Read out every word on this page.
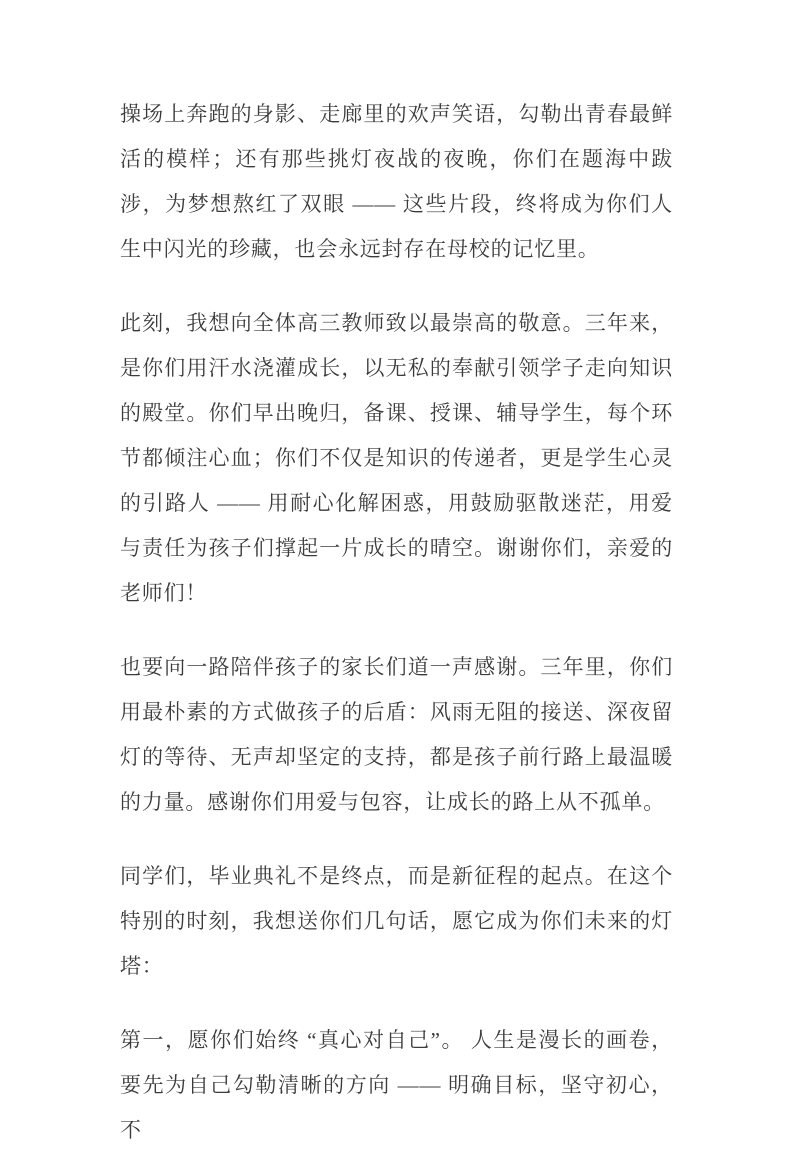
操场上奔跑的身影、走廊里的欢声笑语，勾勒出青春最鲜活的模样；还有那些挑灯夜战的夜晚，你们在题海中跋涉，为梦想熬红了双眼 —— 这些片段，终将成为你们人生中闪光的珍藏，也会永远封存在母校的记忆里。

此刻，我想向全体高三教师致以最崇高的敬意。三年来，是你们用汗水浇灌成长，以无私的奉献引领学子走向知识的殿堂。你们早出晚归，备课、授课、辅导学生，每个环节都倾注心血；你们不仅是知识的传递者，更是学生心灵的引路人 —— 用耐心化解困惑，用鼓励驱散迷茫，用爱与责任为孩子们撑起一片成长的晴空。谢谢你们，亲爱的老师们！

也要向一路陪伴孩子的家长们道一声感谢。三年里，你们用最朴素的方式做孩子的后盾：风雨无阻的接送、深夜留灯的等待、无声却坚定的支持，都是孩子前行路上最温暖的力量。感谢你们用爱与包容，让成长的路上从不孤单。

同学们，毕业典礼不是终点，而是新征程的起点。在这个特别的时刻，我想送你们几句话，愿它成为你们未来的灯塔：

第一，愿你们始终 “真心对自己”。 人生是漫长的画卷，要先为自己勾勒清晰的方向 —— 明确目标，坚守初心，不
